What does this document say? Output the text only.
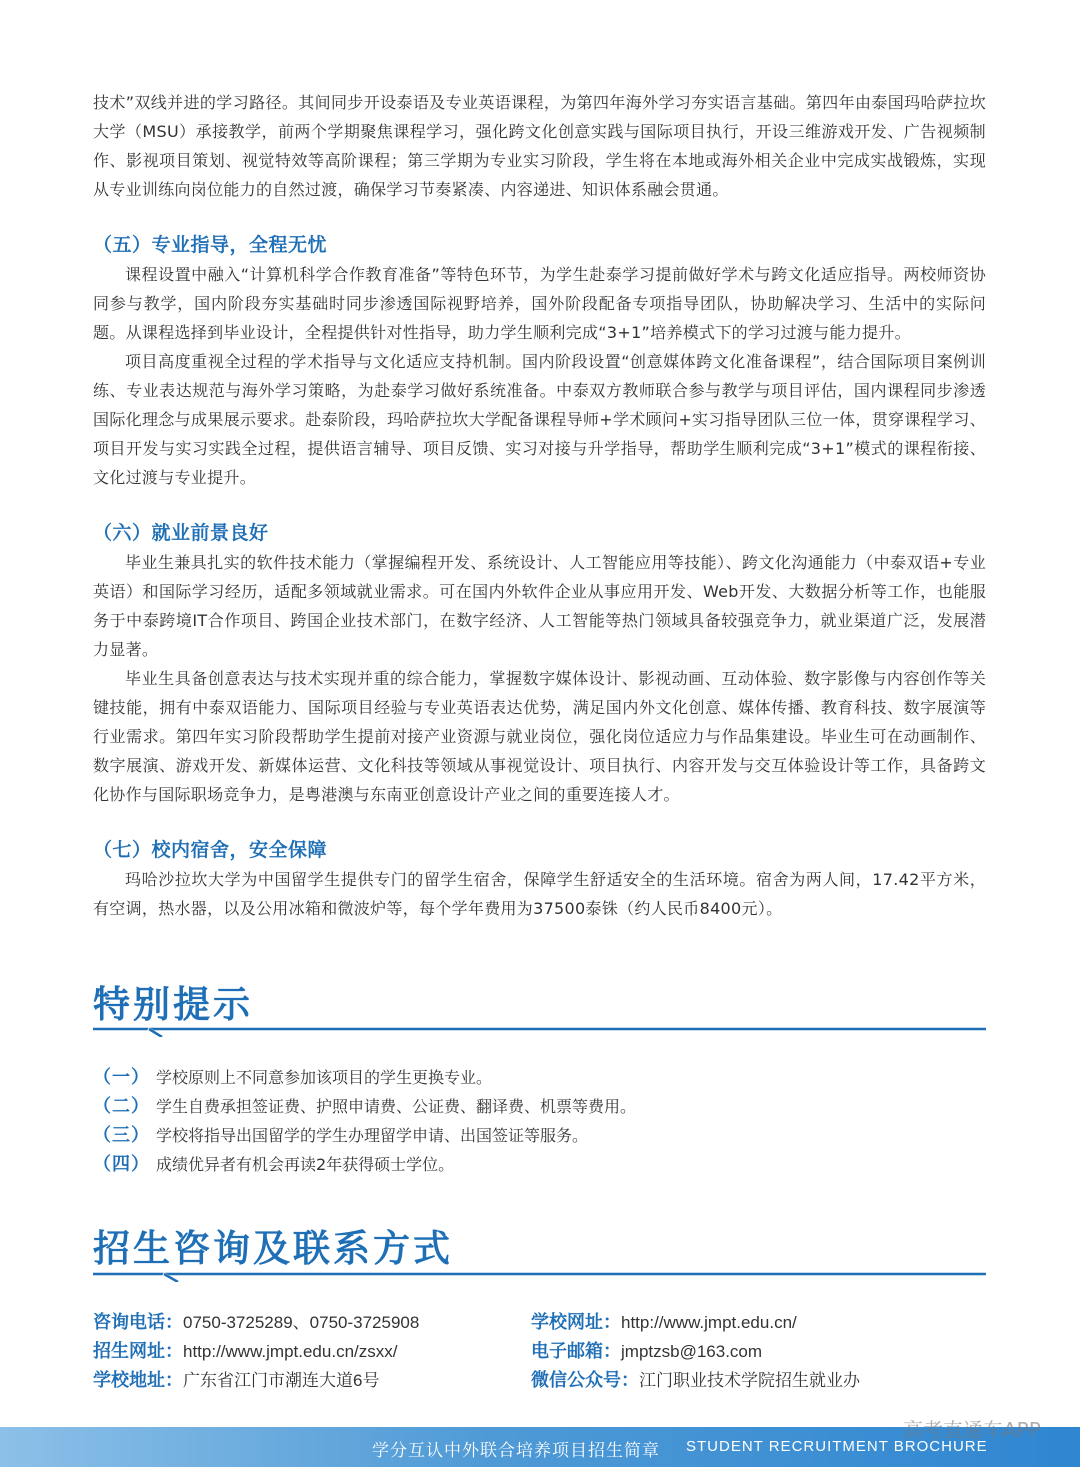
技术”双线并进的学习路径。其间同步开设泰语及专业英语课程，为第四年海外学习夯实语言基础。第四年由泰国玛哈萨拉坎大学（MSU）承接教学，前两个学期聚焦课程学习，强化跨文化创意实践与国际项目执行，开设三维游戏开发、广告视频制作、影视项目策划、视觉特效等高阶课程；第三学期为专业实习阶段，学生将在本地或海外相关企业中完成实战锻炼，实现从专业训练向岗位能力的自然过渡，确保学习节奏紧凑、内容递进、知识体系融会贯通。

（五）专业指导，全程无忧

课程设置中融入“计算机科学合作教育准备”等特色环节，为学生赴泰学习提前做好学术与跨文化适应指导。两校师资协同参与教学，国内阶段夯实基础时同步渗透国际视野培养，国外阶段配备专项指导团队，协助解决学习、生活中的实际问题。从课程选择到毕业设计，全程提供针对性指导，助力学生顺利完成“3+1”培养模式下的学习过渡与能力提升。

项目高度重视全过程的学术指导与文化适应支持机制。国内阶段设置“创意媒体跨文化准备课程”，结合国际项目案例训练、专业表达规范与海外学习策略，为赴泰学习做好系统准备。中泰双方教师联合参与教学与项目评估，国内课程同步渗透国际化理念与成果展示要求。赴泰阶段，玛哈萨拉坎大学配备课程导师+学术顾问+实习指导团队三位一体，贯穿课程学习、项目开发与实习实践全过程，提供语言辅导、项目反馈、实习对接与升学指导，帮助学生顺利完成“3+1”模式的课程衔接、文化过渡与专业提升。

（六）就业前景良好

毕业生兼具扎实的软件技术能力（掌握编程开发、系统设计、人工智能应用等技能）、跨文化沟通能力（中泰双语+专业英语）和国际学习经历，适配多领域就业需求。可在国内外软件企业从事应用开发、Web开发、大数据分析等工作，也能服务于中泰跨境IT合作项目、跨国企业技术部门，在数字经济、人工智能等热门领域具备较强竞争力，就业渠道广泛，发展潜力显著。

毕业生具备创意表达与技术实现并重的综合能力，掌握数字媒体设计、影视动画、互动体验、数字影像与内容创作等关键技能，拥有中泰双语能力、国际项目经验与专业英语表达优势，满足国内外文化创意、媒体传播、教育科技、数字展演等行业需求。第四年实习阶段帮助学生提前对接产业资源与就业岗位，强化岗位适应力与作品集建设。毕业生可在动画制作、数字展演、游戏开发、新媒体运营、文化科技等领域从事视觉设计、项目执行、内容开发与交互体验设计等工作，具备跨文化协作与国际职场竞争力，是粤港澳与东南亚创意设计产业之间的重要连接人才。

（七）校内宿舍，安全保障

玛哈沙拉坎大学为中国留学生提供专门的留学生宿舍，保障学生舒适安全的生活环境。宿舍为两人间，17.42平方米，有空调，热水器，以及公用冰箱和微波炉等，每个学年费用为37500泰铢（约人民币8400元）。

特别提示
（一） 学校原则上不同意参加该项目的学生更换专业。
（二） 学生自费承担签证费、护照申请费、公证费、翻译费、机票等费用。
（三） 学校将指导出国留学的学生办理留学申请、出国签证等服务。
（四） 成绩优异者有机会再读2年获得硕士学位。
招生咨询及联系方式
咨询电话：0750-3725289、0750-3725908
招生网址：http://www.jmpt.edu.cn/zsxx/
学校地址：广东省江门市潮连大道6号
学校网址：http://www.jmpt.edu.cn/
电子邮箱：jmptzsb@163.com
微信公众号：江门职业技术学院招生就业办
学分互认中外联合培养项目招生简章 STUDENT RECRUITMENT BROCHURE
高考直通车APP
